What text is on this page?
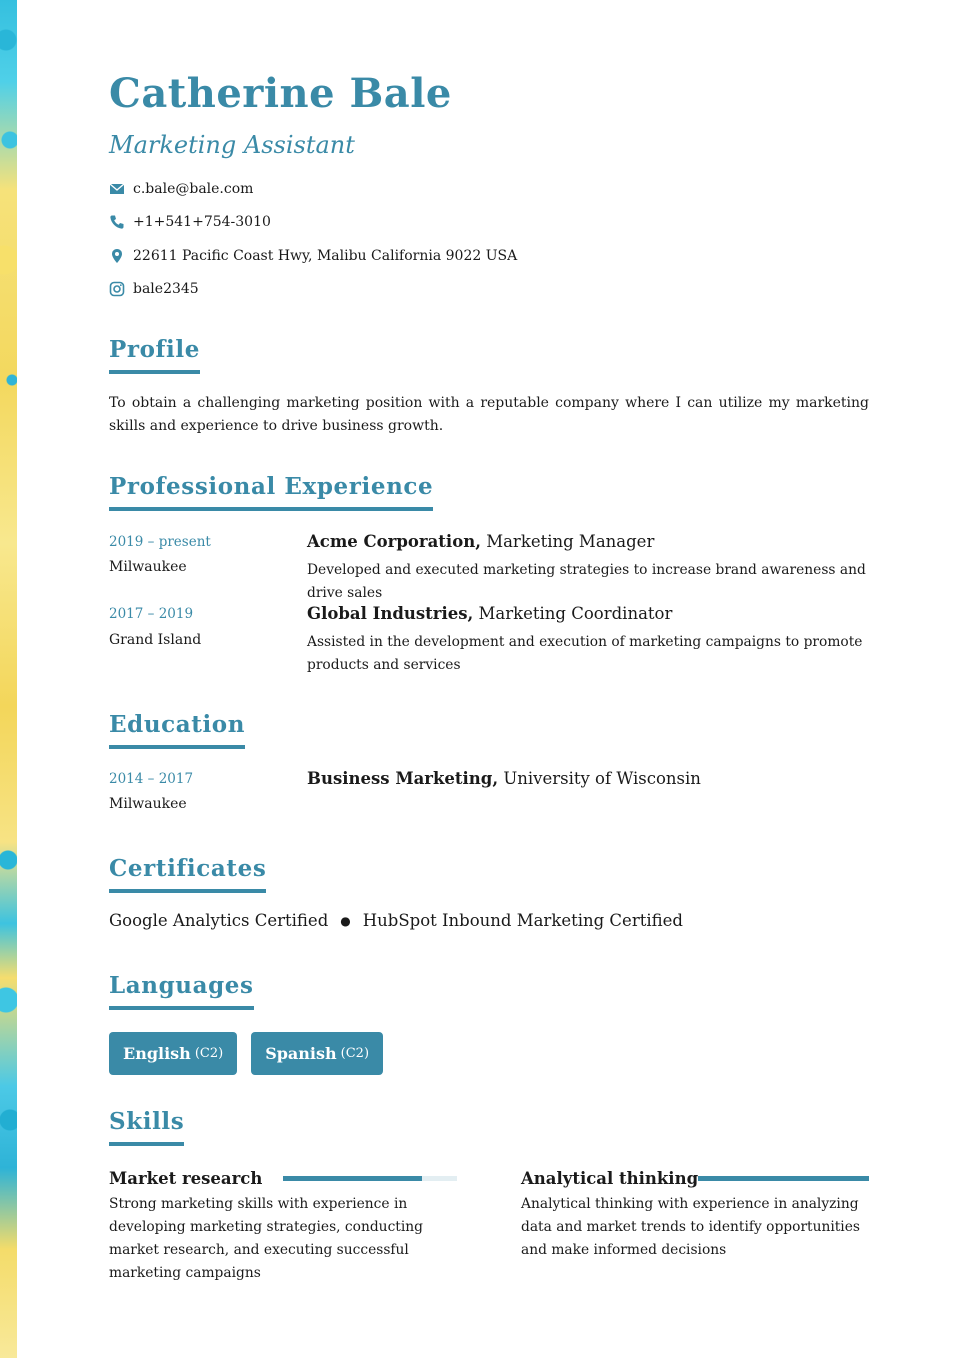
Catherine Bale
Marketing Assistant
c.bale@bale.com
+1+541+754-3010
22611 Pacific Coast Hwy, Malibu California 9022 USA
bale2345
Profile
To obtain a challenging marketing position with a reputable company where I can utilize my marketing skills and experience to drive business growth.
Professional Experience
2019 – present
Milwaukee
Acme Corporation, Marketing Manager
Developed and executed marketing strategies to increase brand awareness and drive sales
2017 – 2019
Grand Island
Global Industries, Marketing Coordinator
Assisted in the development and execution of marketing campaigns to promote products and services
Education
2014 – 2017
Milwaukee
Business Marketing, University of Wisconsin
Certificates
Google Analytics Certified ● HubSpot Inbound Marketing Certified
Languages
English (C2)	Spanish (C2)
Skills
Market research
Strong marketing skills with experience in developing marketing strategies, conducting market research, and executing successful marketing campaigns
Analytical thinking
Analytical thinking with experience in analyzing data and market trends to identify opportunities and make informed decisions
